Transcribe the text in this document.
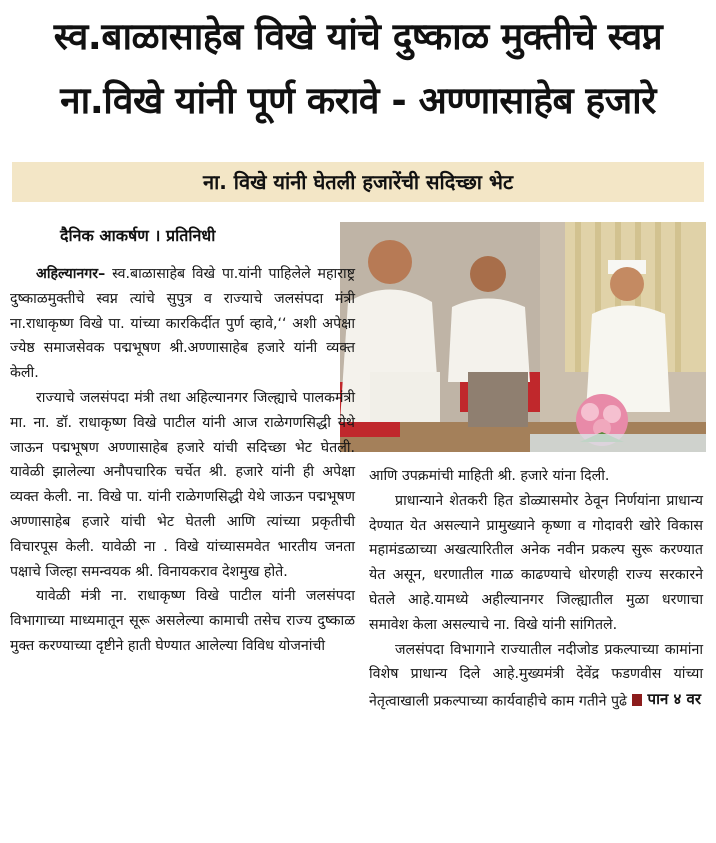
स्व.बाळासाहेब विखे यांचे दुष्काळ मुक्तीचे स्वप्न
ना.विखे यांनी पूर्ण करावे - अण्णासाहेब हजारे
ना. विखे यांनी घेतली हजारेंची सदिच्छा भेट
दैनिक आकर्षण । प्रतिनिधी

अहिल्यानगर– स्व.बाळासाहेब विखे पा.यांनी पाहिलेले महाराष्ट्र दुष्काळमुक्तीचे स्वप्न त्यांचे सुपुत्र व राज्याचे जलसंपदा मंत्री ना.राधाकृष्ण विखे पा. यांच्या कारकिर्दीत पुर्ण व्हावे,‘‘ अशी अपेक्षा ज्येष्ठ समाजसेवक पद्मभूषण श्री.अण्णासाहेब हजारे यांनी व्यक्त केली.

राज्याचे जलसंपदा मंत्री तथा अहिल्यानगर जिल्ह्याचे पालकमंत्री मा. ना. डॉ. राधाकृष्ण विखे पाटील यांनी आज राळेगणसिद्धी येथे जाऊन पद्मभूषण अण्णासाहेब हजारे यांची सदिच्छा भेट घेतली. यावेळी झालेल्या अनौपचारिक चर्चेत श्री. हजारे यांनी ही अपेक्षा व्यक्त केली. ना. विखे पा. यांनी राळेगणसिद्धी येथे जाऊन पद्मभूषण अण्णासाहेब हजारे यांची भेट घेतली आणि त्यांच्या प्रकृतीची विचारपूस केली. यावेळी ना . विखे यांच्यासमवेत भारतीय जनता पक्षाचे जिल्हा समन्वयक श्री. विनायकराव देशमुख होते.

यावेळी मंत्री ना. राधाकृष्ण विखे पाटील यांनी जलसंपदा विभागाच्या माध्यमातून सूरू असलेल्या कामाची तसेच राज्य दुष्काळ मुक्त करण्याच्या दृष्टीने हाती घेण्यात आलेल्या विविध योजनांची

आणि उपक्रमांची माहिती श्री. हजारे यांना दिली.

प्राधान्याने शेतकरी हित डोळ्यासमोर ठेवून निर्णयांना प्राधान्य देण्यात येत असल्याने प्रामुख्याने कृष्णा व गोदावरी खोरे विकास महामंडळाच्या अखत्यारितील अनेक नवीन प्रकल्प सुरू करण्यात येत असून, धरणातील गाळ काढण्याचे धोरणही राज्य सरकारने घेतले आहे.यामध्ये अहील्यानगर जिल्ह्यातील मुळा धरणाचा समावेश केला असल्याचे ना. विखे यांनी सांगितले.

जलसंपदा विभागाने राज्यातील नदीजोड प्रकल्पाच्या कामांना विशेष प्राधान्य दिले आहे.मुख्यमंत्री देवेंद्र फडणवीस यांच्या नेतृत्वाखाली प्रकल्पाच्या कार्यवाहीचे काम गतीने पुढे पान ४ वर
